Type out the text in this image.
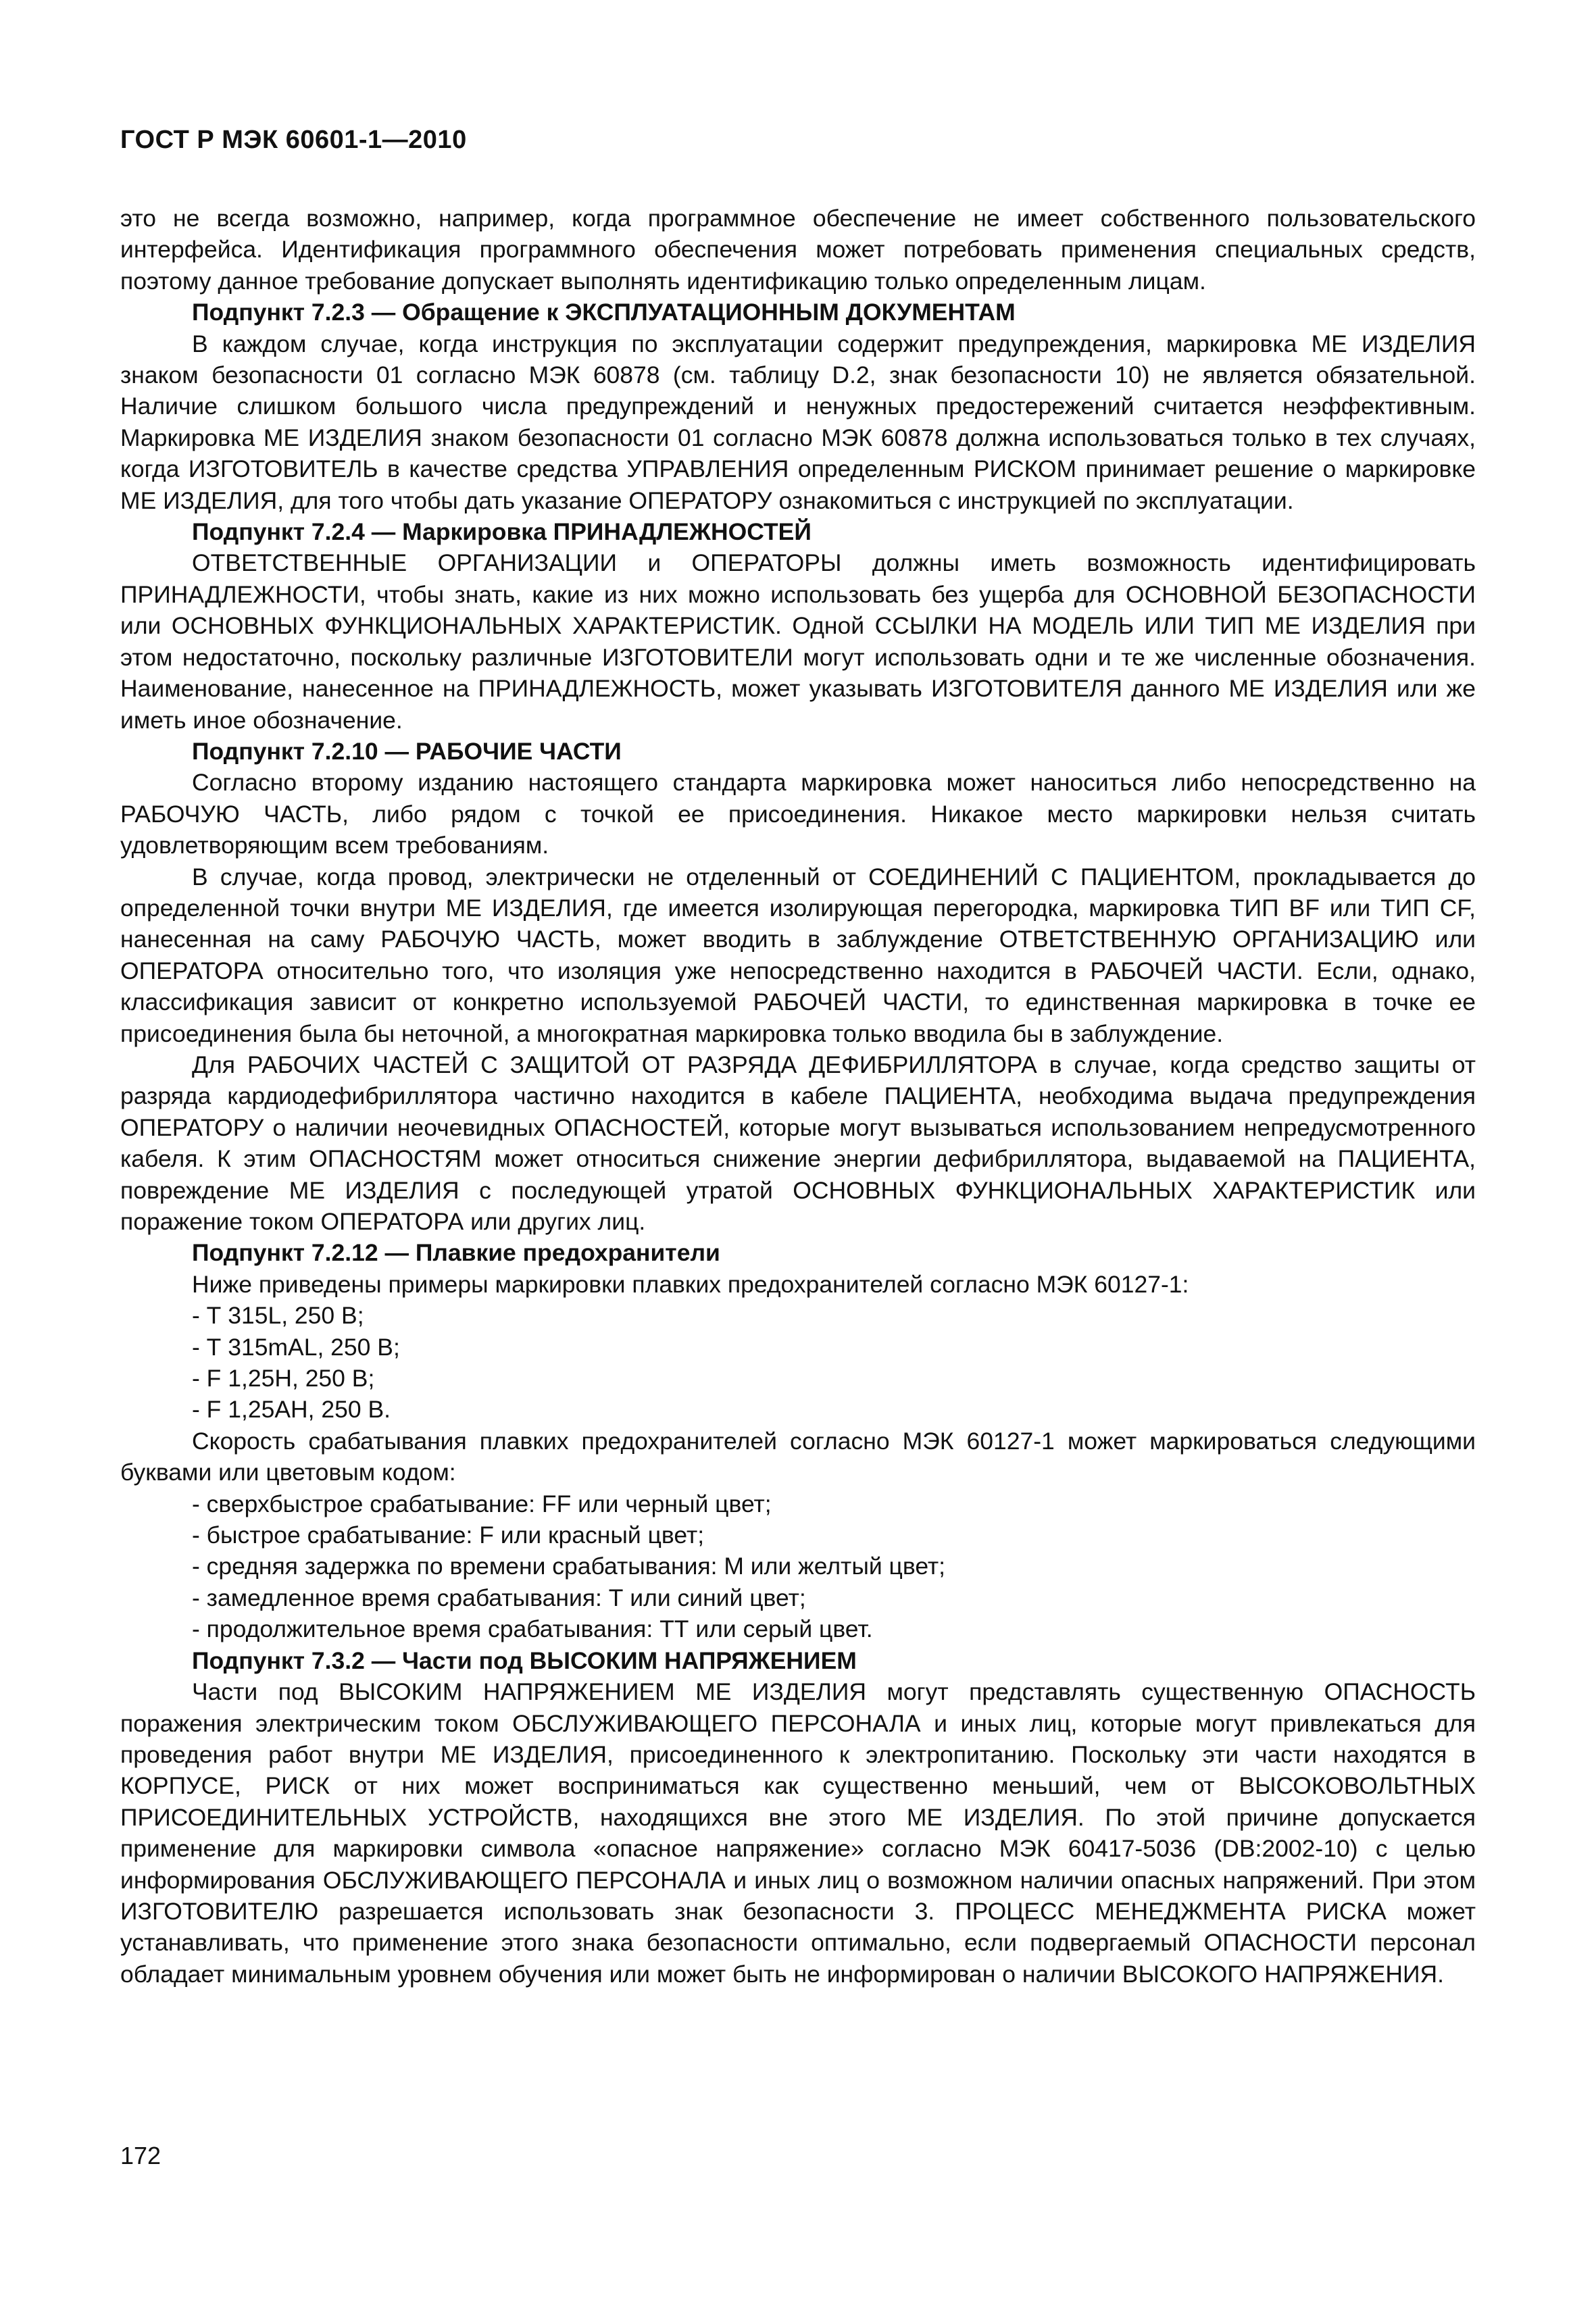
ГОСТ Р МЭК 60601-1—2010

это не всегда возможно, например, когда программное обеспечение не имеет собственного пользовательского интерфейса. Идентификация программного обеспечения может потребовать применения специальных средств, поэтому данное требование допускает выполнять идентификацию только определенным лицам.

Подпункт 7.2.3 — Обращение к ЭКСПЛУАТАЦИОННЫМ ДОКУМЕНТАМ

В каждом случае, когда инструкция по эксплуатации содержит предупреждения, маркировка МЕ ИЗДЕЛИЯ знаком безопасности 01 согласно МЭК 60878 (см. таблицу D.2, знак безопасности 10) не является обязательной. Наличие слишком большого числа предупреждений и ненужных предостережений считается неэффективным. Маркировка МЕ ИЗДЕЛИЯ знаком безопасности 01 согласно МЭК 60878 должна использоваться только в тех случаях, когда ИЗГОТОВИТЕЛЬ в качестве средства УПРАВЛЕНИЯ определенным РИСКОМ принимает решение о маркировке МЕ ИЗДЕЛИЯ, для того чтобы дать указание ОПЕРАТОРУ ознакомиться с инструкцией по эксплуатации.

Подпункт 7.2.4 — Маркировка ПРИНАДЛЕЖНОСТЕЙ

ОТВЕТСТВЕННЫЕ ОРГАНИЗАЦИИ и ОПЕРАТОРЫ должны иметь возможность идентифицировать ПРИНАДЛЕЖНОСТИ, чтобы знать, какие из них можно использовать без ущерба для ОСНОВНОЙ БЕЗОПАСНОСТИ или ОСНОВНЫХ ФУНКЦИОНАЛЬНЫХ ХАРАКТЕРИСТИК. Одной ССЫЛКИ НА МОДЕЛЬ ИЛИ ТИП МЕ ИЗДЕЛИЯ при этом недостаточно, поскольку различные ИЗГОТОВИТЕЛИ могут использовать одни и те же численные обозначения. Наименование, нанесенное на ПРИНАДЛЕЖНОСТЬ, может указывать ИЗГОТОВИТЕЛЯ данного МЕ ИЗДЕЛИЯ или же иметь иное обозначение.

Подпункт 7.2.10 — РАБОЧИЕ ЧАСТИ

Согласно второму изданию настоящего стандарта маркировка может наноситься либо непосредственно на РАБОЧУЮ ЧАСТЬ, либо рядом с точкой ее присоединения. Никакое место маркировки нельзя считать удовлетворяющим всем требованиям.

В случае, когда провод, электрически не отделенный от СОЕДИНЕНИЙ С ПАЦИЕНТОМ, прокладывается до определенной точки внутри МЕ ИЗДЕЛИЯ, где имеется изолирующая перегородка, маркировка ТИП BF или ТИП CF, нанесенная на саму РАБОЧУЮ ЧАСТЬ, может вводить в заблуждение ОТВЕТСТВЕННУЮ ОРГАНИЗАЦИЮ или ОПЕРАТОРА относительно того, что изоляция уже непосредственно находится в РАБОЧЕЙ ЧАСТИ. Если, однако, классификация зависит от конкретно используемой РАБОЧЕЙ ЧАСТИ, то единственная маркировка в точке ее присоединения была бы неточной, а многократная маркировка только вводила бы в заблуждение.

Для РАБОЧИХ ЧАСТЕЙ С ЗАЩИТОЙ ОТ РАЗРЯДА ДЕФИБРИЛЛЯТОРА в случае, когда средство защиты от разряда кардиодефибриллятора частично находится в кабеле ПАЦИЕНТА, необходима выдача предупреждения ОПЕРАТОРУ о наличии неочевидных ОПАСНОСТЕЙ, которые могут вызываться использованием непредусмотренного кабеля. К этим ОПАСНОСТЯМ может относиться снижение энергии дефибриллятора, выдаваемой на ПАЦИЕНТА, повреждение МЕ ИЗДЕЛИЯ с последующей утратой ОСНОВНЫХ ФУНКЦИОНАЛЬНЫХ ХАРАКТЕРИСТИК или поражение током ОПЕРАТОРА или других лиц.

Подпункт 7.2.12 — Плавкие предохранители

Ниже приведены примеры маркировки плавких предохранителей согласно МЭК 60127-1:

- Т 315L, 250 В;

- Т 315mAL, 250 В;

- F 1,25H, 250 В;

- F 1,25AH, 250 В.

Скорость срабатывания плавких предохранителей согласно МЭК 60127-1 может маркироваться следующими буквами или цветовым кодом:

- сверхбыстрое срабатывание: FF или черный цвет;

- быстрое срабатывание: F или красный цвет;

- средняя задержка по времени срабатывания: М или желтый цвет;

- замедленное время срабатывания: Т или синий цвет;

- продолжительное время срабатывания: ТТ или серый цвет.

Подпункт 7.3.2 — Части под ВЫСОКИМ НАПРЯЖЕНИЕМ

Части под ВЫСОКИМ НАПРЯЖЕНИЕМ МЕ ИЗДЕЛИЯ могут представлять существенную ОПАСНОСТЬ поражения электрическим током ОБСЛУЖИВАЮЩЕГО ПЕРСОНАЛА и иных лиц, которые могут привлекаться для проведения работ внутри МЕ ИЗДЕЛИЯ, присоединенного к электропитанию. Поскольку эти части находятся в КОРПУСЕ, РИСК от них может восприниматься как существенно меньший, чем от ВЫСОКОВОЛЬТНЫХ ПРИСОЕДИНИТЕЛЬНЫХ УСТРОЙСТВ, находящихся вне этого МЕ ИЗДЕЛИЯ. По этой причине допускается применение для маркировки символа «опасное напряжение» согласно МЭК 60417-5036 (DB:2002-10) с целью информирования ОБСЛУЖИВАЮЩЕГО ПЕРСОНАЛА и иных лиц о возможном наличии опасных напряжений. При этом ИЗГОТОВИТЕЛЮ разрешается использовать знак безопасности 3. ПРОЦЕСС МЕНЕДЖМЕНТА РИСКА может устанавливать, что применение этого знака безопасности оптимально, если подвергаемый ОПАСНОСТИ персонал обладает минимальным уровнем обучения или может быть не информирован о наличии ВЫСОКОГО НАПРЯЖЕНИЯ.

172
